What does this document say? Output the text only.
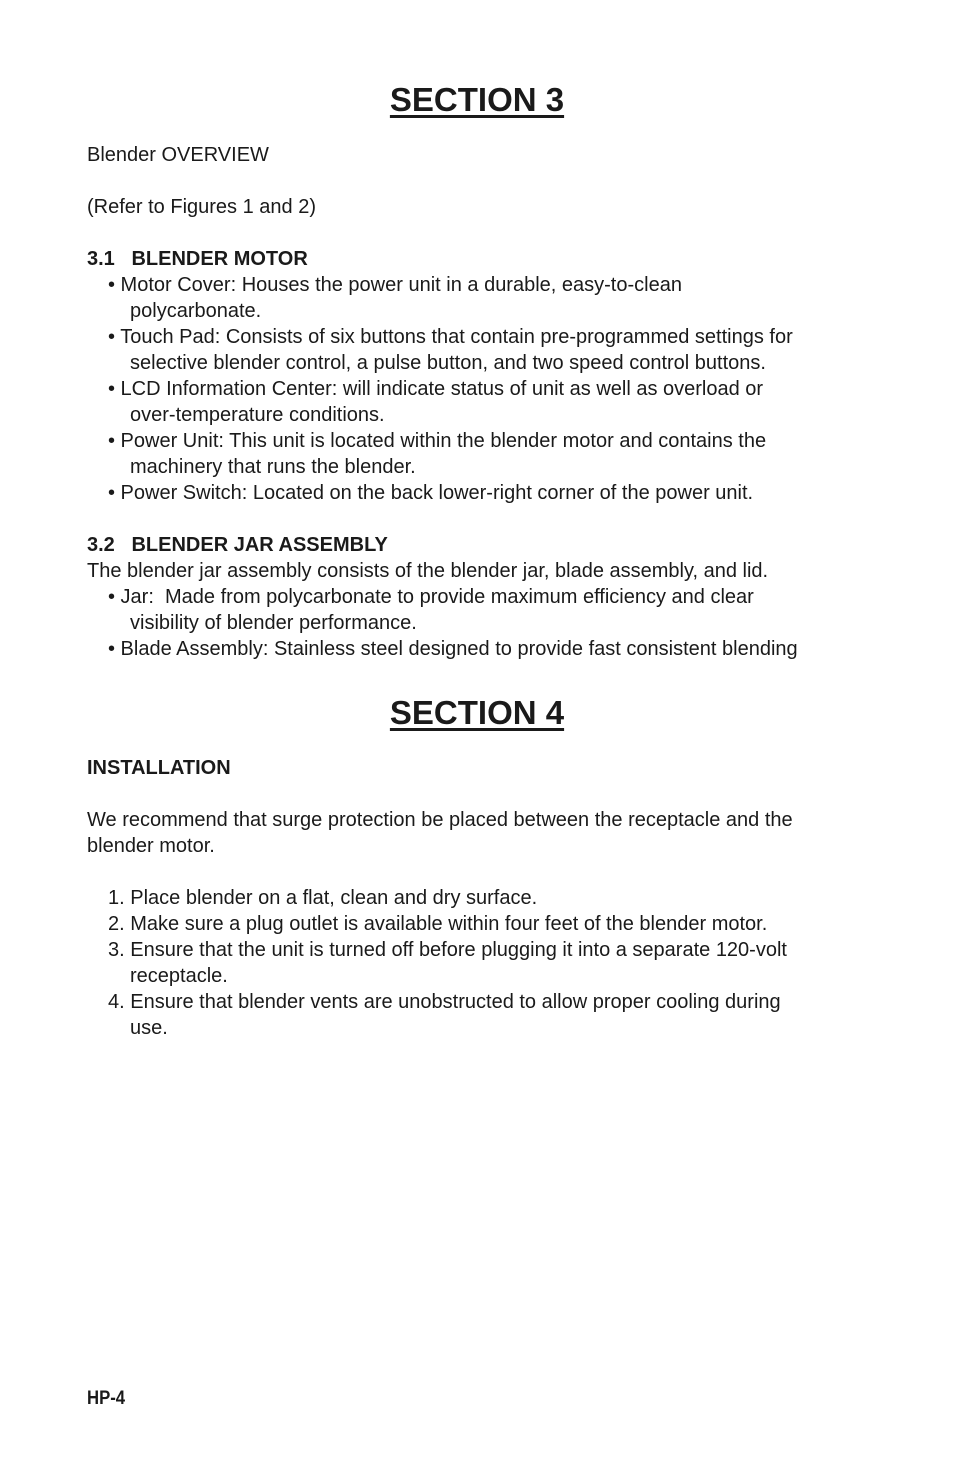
SECTION 3

Blender OVERVIEW

(Refer to Figures 1 and 2)

3.1   BLENDER MOTOR

• Motor Cover: Houses the power unit in a durable, easy-to-clean

polycarbonate.

• Touch Pad: Consists of six buttons that contain pre-programmed settings for

selective blender control, a pulse button, and two speed control buttons.

• LCD Information Center: will indicate status of unit as well as overload or

over-temperature conditions.

• Power Unit: This unit is located within the blender motor and contains the

machinery that runs the blender.

• Power Switch: Located on the back lower-right corner of the power unit.

3.2   BLENDER JAR ASSEMBLY

The blender jar assembly consists of the blender jar, blade assembly, and lid.

• Jar:  Made from polycarbonate to provide maximum efficiency and clear

visibility of blender performance.

• Blade Assembly: Stainless steel designed to provide fast consistent blending

SECTION 4

INSTALLATION

We recommend that surge protection be placed between the receptacle and the

blender motor.

1. Place blender on a flat, clean and dry surface.

2. Make sure a plug outlet is available within four feet of the blender motor.

3. Ensure that the unit is turned off before plugging it into a separate 120-volt

receptacle.

4. Ensure that blender vents are unobstructed to allow proper cooling during

use.

HP-4
